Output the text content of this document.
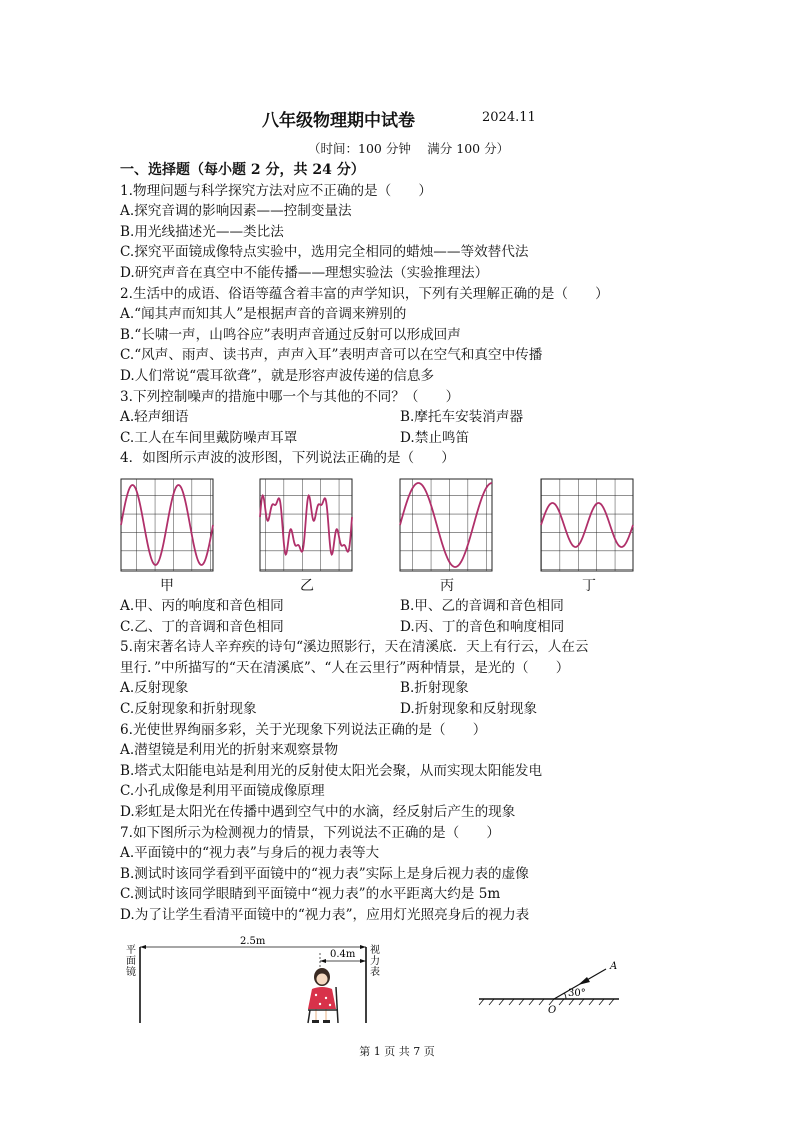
八年级物理期中试卷	2024.11
（时间：100 分钟　 满分 100 分）
一、选择题（每小题 2 分，共 24 分）
1.物理问题与科学探究方法对应不正确的是（　　）
A.探究音调的影响因素——控制变量法
B.用光线描述光——类比法
C.探究平面镜成像特点实验中，选用完全相同的蜡烛——等效替代法
D.研究声音在真空中不能传播——理想实验法（实验推理法）
2.生活中的成语、俗语等蕴含着丰富的声学知识，下列有关理解正确的是（　　）
A.“闻其声而知其人”是根据声音的音调来辨别的
B.“长啸一声，山鸣谷应”表明声音通过反射可以形成回声
C.“风声、雨声、读书声，声声入耳”表明声音可以在空气和真空中传播
D.人们常说“震耳欲聋”，就是形容声波传递的信息多
3.下列控制噪声的措施中哪一个与其他的不同？（　　）
A.轻声细语	B.摩托车安装消声器
C.工人在车间里戴防噪声耳罩	D.禁止鸣笛
4．如图所示声波的波形图，下列说法正确的是（　　）
甲	乙	丙	丁
A.甲、丙的响度和音色相同	B.甲、乙的音调和音色相同
C.乙、丁的音调和音色相同	D.丙、丁的音色和响度相同
5.南宋著名诗人辛弃疾的诗句“溪边照影行，天在清溪底．天上有行云，人在云
里行．”中所描写的“天在清溪底”、“人在云里行”两种情景，是光的（　　）
A.反射现象	B.折射现象
C.反射现象和折射现象	D.折射现象和反射现象
6.光使世界绚丽多彩，关于光现象下列说法正确的是（　　）
A.潜望镜是利用光的折射来观察景物
B.塔式太阳能电站是利用光的反射使太阳光会聚，从而实现太阳能发电
C.小孔成像是利用平面镜成像原理
D.彩虹是太阳光在传播中遇到空气中的水滴，经反射后产生的现象
7.如下图所示为检测视力的情景，下列说法不正确的是（　　）
A.平面镜中的“视力表”与身后的视力表等大
B.测试时该同学看到平面镜中的“视力表”实际上是身后视力表的虚像
C.测试时该同学眼睛到平面镜中“视力表”的水平距离大约是 5m
D.为了让学生看清平面镜中的“视力表”，应用灯光照亮身后的视力表
平
面
镜
视
力
表
2.5m
0.4m
30°
A
O
第 1 页 共 7 页
